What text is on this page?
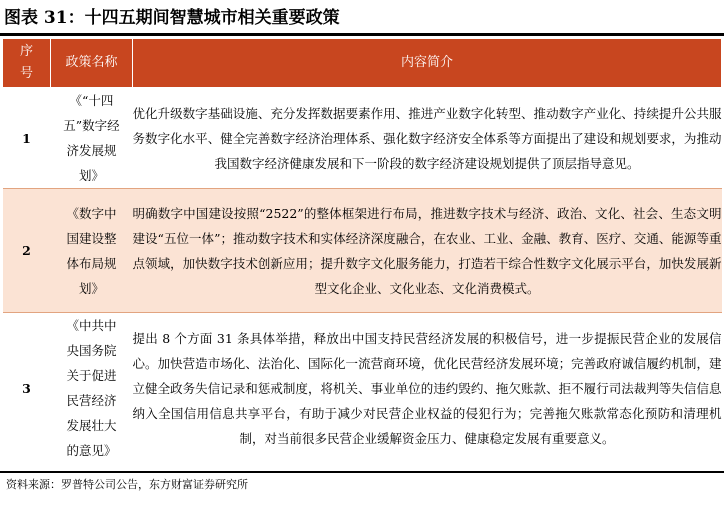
图表 31：十四五期间智慧城市相关重要政策
序号	政策名称	内容简介
1	《“十四五”数字经济发展规划》	优化升级数字基础设施、充分发挥数据要素作用、推进产业数字化转型、推动数字产业化、持续提升公共服务数字化水平、健全完善数字经济治理体系、强化数字经济安全体系等方面提出了建设和规划要求，为推动我国数字经济健康发展和下一阶段的数字经济建设规划提供了顶层指导意见。
2	《数字中国建设整体布局规划》	明确数字中国建设按照“2522”的整体框架进行布局，推进数字技术与经济、政治、文化、社会、生态文明建设“五位一体”；推动数字技术和实体经济深度融合，在农业、工业、金融、教育、医疗、交通、能源等重点领域，加快数字技术创新应用；提升数字文化服务能力，打造若干综合性数字文化展示平台，加快发展新型文化企业、文化业态、文化消费模式。
3	《中共中央国务院关于促进民营经济发展壮大的意见》	提出 8 个方面 31 条具体举措，释放出中国支持民营经济发展的积极信号，进一步提振民营企业的发展信心。加快营造市场化、法治化、国际化一流营商环境，优化民营经济发展环境；完善政府诚信履约机制，建立健全政务失信记录和惩戒制度，将机关、事业单位的违约毁约、拖欠账款、拒不履行司法裁判等失信信息纳入全国信用信息共享平台，有助于减少对民营企业权益的侵犯行为；完善拖欠账款常态化预防和清理机制，对当前很多民营企业缓解资金压力、健康稳定发展有重要意义。
资料来源：罗普特公司公告，东方财富证券研究所
